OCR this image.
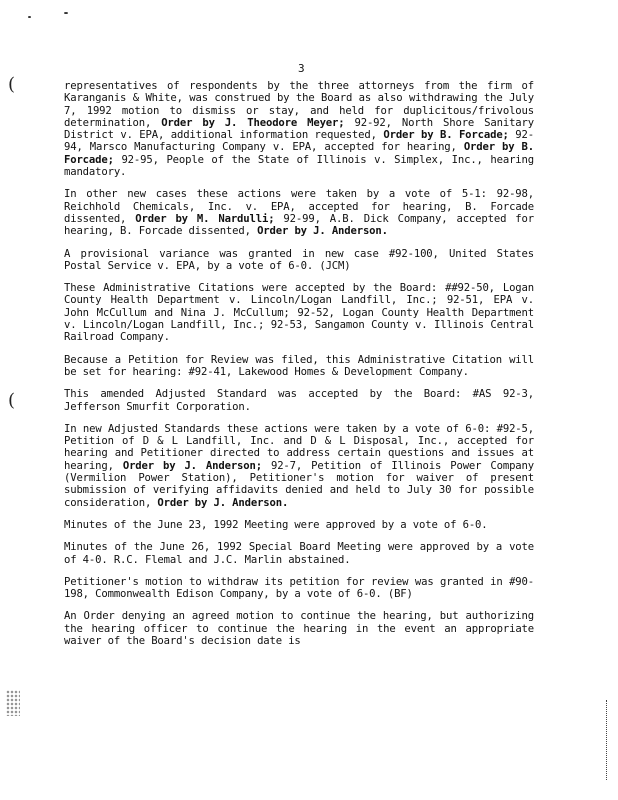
(
(
3

representatives of respondents by the three attorneys from the firm of Karanganis & White, was construed by the Board as also withdrawing the July 7, 1992 motion to dismiss or stay, and held for duplicitous/frivolous determination, Order by J. Theodore Meyer; 92-92, North Shore Sanitary District v. EPA, additional information requested, Order by B. Forcade; 92-94, Marsco Manufacturing Company v. EPA, accepted for hearing, Order by B. Forcade; 92-95, People of the State of Illinois v. Simplex, Inc., hearing mandatory.

In other new cases these actions were taken by a vote of 5-1: 92-98, Reichhold Chemicals, Inc. v. EPA, accepted for hearing, B. Forcade dissented, Order by M. Nardulli; 92-99, A.B. Dick Company, accepted for hearing, B. Forcade dissented, Order by J. Anderson.

A provisional variance was granted in new case #92-100, United States Postal Service v. EPA, by a vote of 6-0. (JCM)

These Administrative Citations were accepted by the Board: ##92-50, Logan County Health Department v. Lincoln/Logan Landfill, Inc.; 92-51, EPA v. John McCullum and Nina J. McCullum; 92-52, Logan County Health Department v. Lincoln/Logan Landfill, Inc.; 92-53, Sangamon County v. Illinois Central Railroad Company.

Because a Petition for Review was filed, this Administrative Citation will be set for hearing: #92-41, Lakewood Homes & Development Company.

This amended Adjusted Standard was accepted by the Board: #AS 92-3, Jefferson Smurfit Corporation.

In new Adjusted Standards these actions were taken by a vote of 6-0: #92-5, Petition of D & L Landfill, Inc. and D & L Disposal, Inc., accepted for hearing and Petitioner directed to address certain questions and issues at hearing, Order by J. Anderson; 92-7, Petition of Illinois Power Company (Vermilion Power Station), Petitioner's motion for waiver of present submission of verifying affidavits denied and held to July 30 for possible consideration, Order by J. Anderson.

Minutes of the June 23, 1992 Meeting were approved by a vote of 6-0.

Minutes of the June 26, 1992 Special Board Meeting were approved by a vote of 4-0. R.C. Flemal and J.C. Marlin abstained.

Petitioner's motion to withdraw its petition for review was granted in #90-198, Commonwealth Edison Company, by a vote of 6-0. (BF)

An Order denying an agreed motion to continue the hearing, but authorizing the hearing officer to continue the hearing in the event an appropriate waiver of the Board's decision date is
